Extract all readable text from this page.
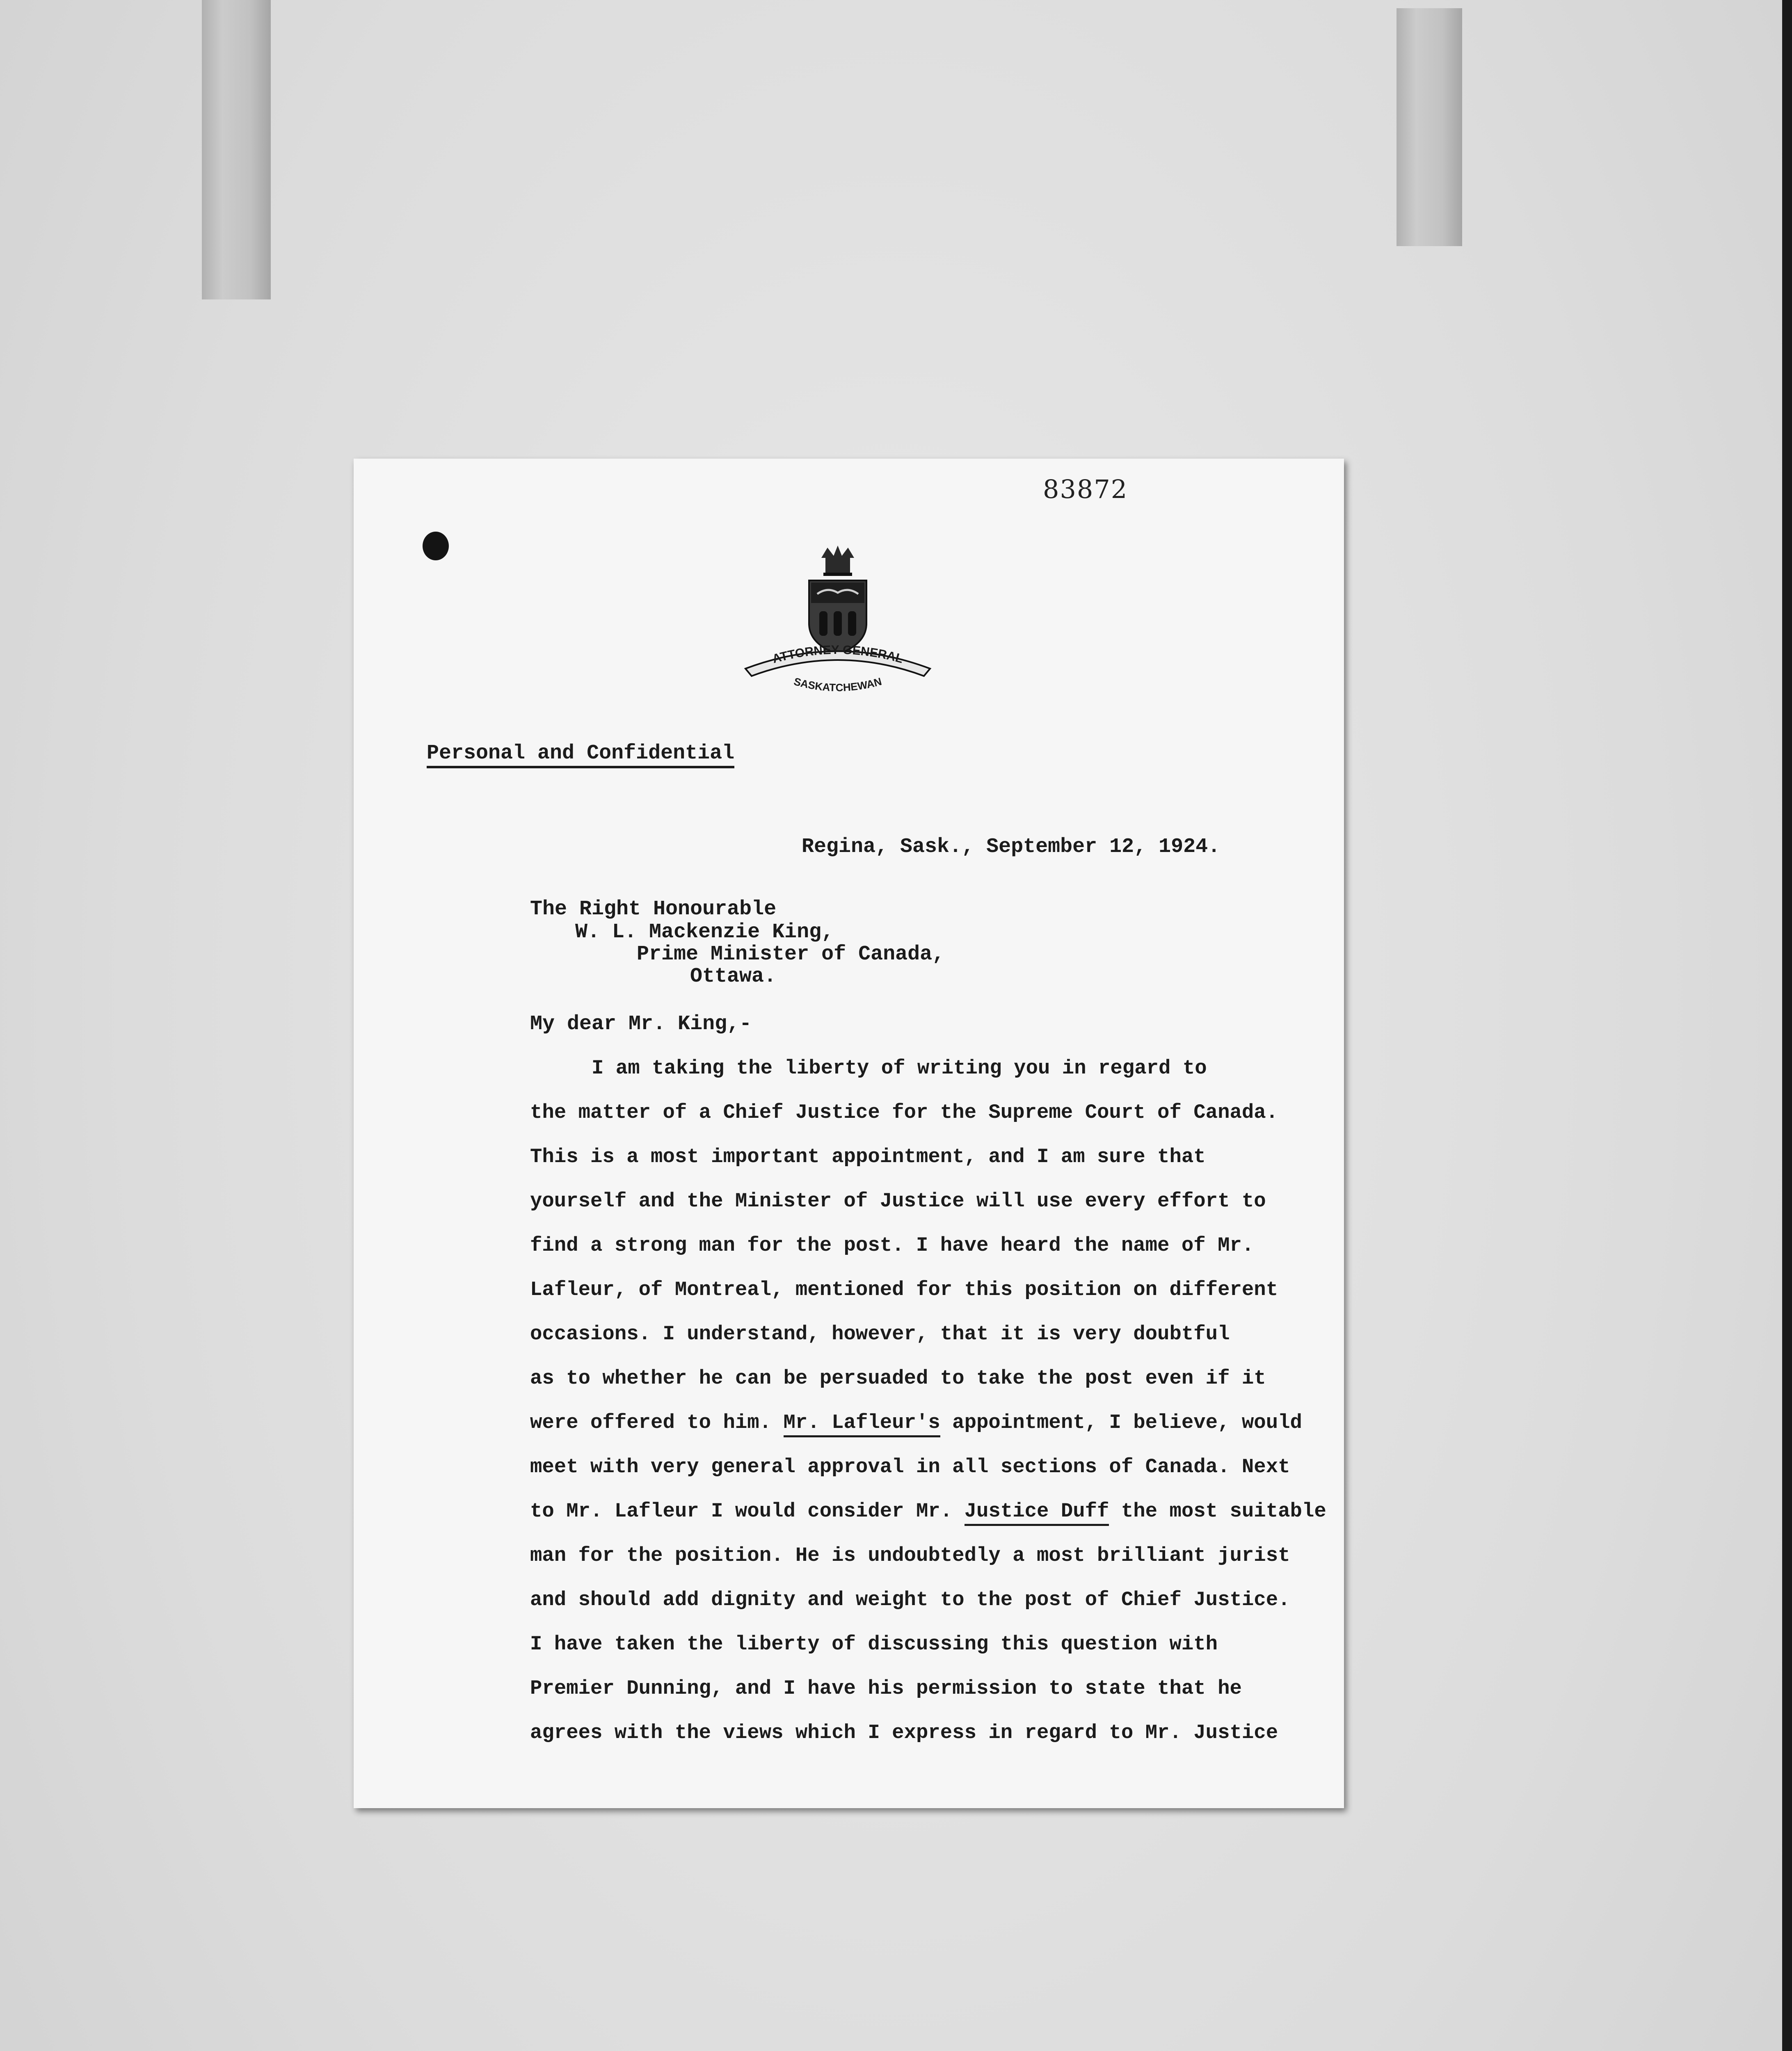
83872
ATTORNEY GENERAL
SASKATCHEWAN
Personal and Confidential
Regina, Sask., September 12, 1924.
The Right Honourable
W. L. Mackenzie King,
Prime Minister of Canada,
Ottawa.
My dear Mr. King,-
I am taking the liberty of writing you in regard to
the matter of a Chief Justice for the Supreme Court of Canada.
This is a most important appointment, and I am sure that
yourself and the Minister of Justice will use every effort to
find a strong man for the post. I have heard the name of Mr.
Lafleur, of Montreal, mentioned for this position on different
occasions. I understand, however, that it is very doubtful
as to whether he can be persuaded to take the post even if it
were offered to him. Mr. Lafleur's appointment, I believe, would
meet with very general approval in all sections of Canada. Next
to Mr. Lafleur I would consider Mr. Justice Duff the most suitable
man for the position. He is undoubtedly a most brilliant jurist
and should add dignity and weight to the post of Chief Justice.
I have taken the liberty of discussing this question with
Premier Dunning, and I have his permission to state that he
agrees with the views which I express in regard to Mr. Justice
